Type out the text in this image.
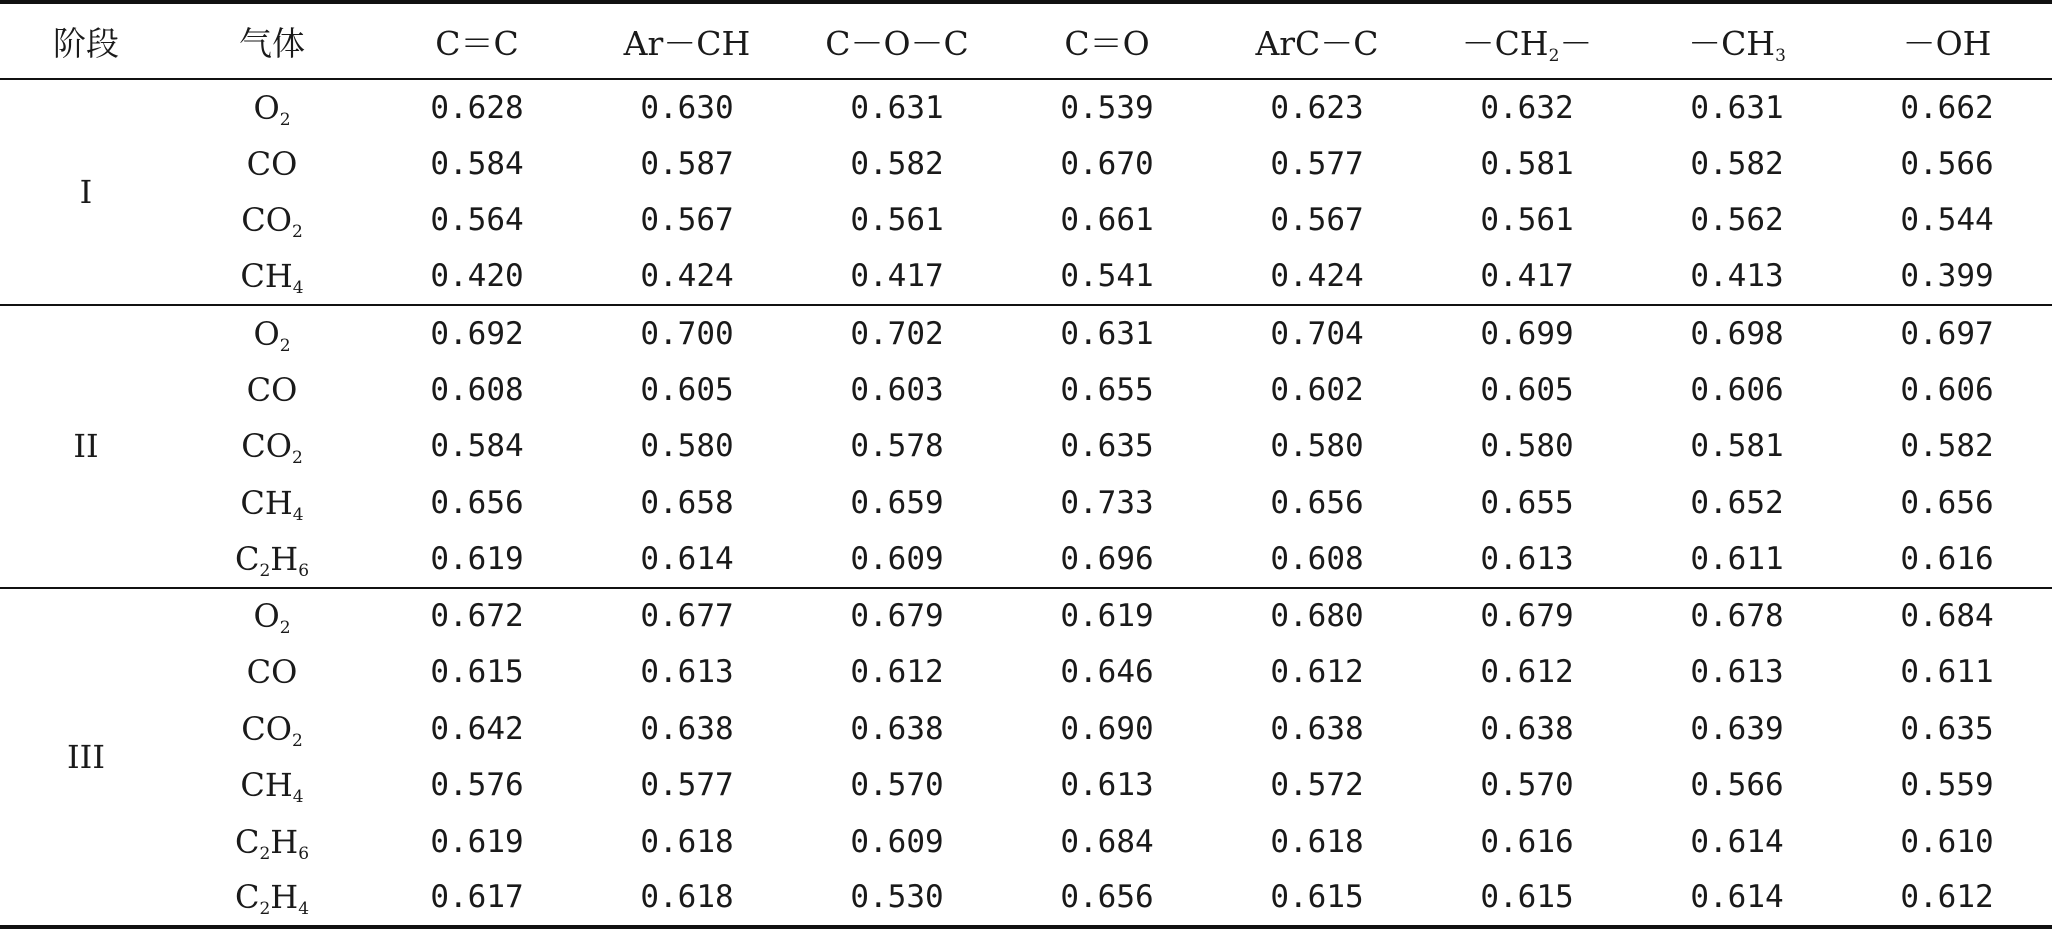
阶段	气体	C＝C	Ar－CH	C－O－C	C＝O	ArC－C	$-CH_2-$	$-CH_3$	－OH
I	$O_2$	0.628	0.630	0.631	0.539	0.623	0.632	0.631	0.662
	CO	0.584	0.587	0.582	0.670	0.577	0.581	0.582	0.566
	$CO_2$	0.564	0.567	0.561	0.661	0.567	0.561	0.562	0.544
	$CH_4$	0.420	0.424	0.417	0.541	0.424	0.417	0.413	0.399
II	$O_2$	0.692	0.700	0.702	0.631	0.704	0.699	0.698	0.697
	CO	0.608	0.605	0.603	0.655	0.602	0.605	0.606	0.606
	$CO_2$	0.584	0.580	0.578	0.635	0.580	0.580	0.581	0.582
	$CH_4$	0.656	0.658	0.659	0.733	0.656	0.655	0.652	0.656
	$C_2H_6$	0.619	0.614	0.609	0.696	0.608	0.613	0.611	0.616
III	$O_2$	0.672	0.677	0.679	0.619	0.680	0.679	0.678	0.684
	CO	0.615	0.613	0.612	0.646	0.612	0.612	0.613	0.611
	$CO_2$	0.642	0.638	0.638	0.690	0.638	0.638	0.639	0.635
	$CH_4$	0.576	0.577	0.570	0.613	0.572	0.570	0.566	0.559
	$C_2H_6$	0.619	0.618	0.609	0.684	0.618	0.616	0.614	0.610
	$C_2H_4$	0.617	0.618	0.530	0.656	0.615	0.615	0.614	0.612
